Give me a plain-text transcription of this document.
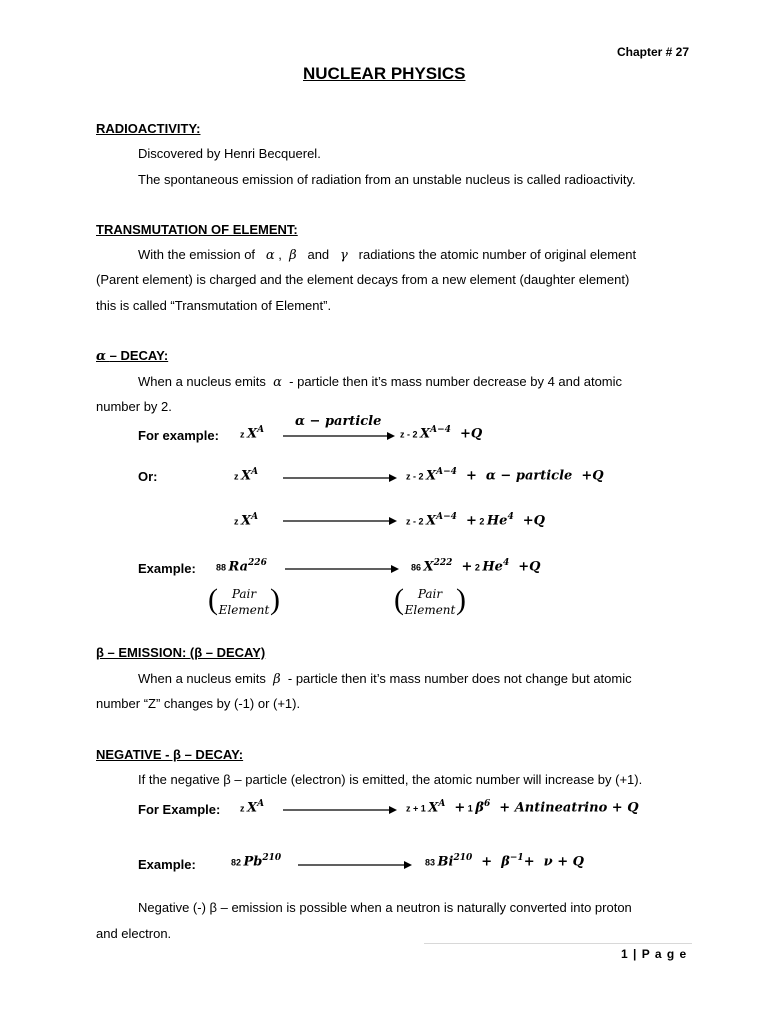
Chapter # 27
NUCLEAR PHYSICS
RADIOACTIVITY:
Discovered by Henri Becquerel.
The spontaneous emission of radiation from an unstable nucleus is called radioactivity.
TRANSMUTATION OF ELEMENT:
With the emission of α ,  β   and   γ radiations the atomic number of original element
(Parent element) is charged and the element decays from a new element (daughter element)
this is called “Transmutation of Element”.
α – DECAY:
When a nucleus emits α - particle then it’s mass number decrease by 4 and atomic
number by 2.
For example: z $X^A$
α − particle
z - 2 $X^{A-4} +Q$
Or:	z $X^A$	z - 2 $X^{A-4} + \alpha$ − particle  +Q
z $X^A$	z - 2 $X^{A-4} + 2$ He$^4$  +Q
Example: 88 Ra$^{226}$	86 $X^{222} + 2$ He$^4$  +Q
(	Pair
Element )	(	Pair
Element )
β – EMISSION: (β – DECAY)
When a nucleus emits β - particle then it’s mass number does not change but atomic
number “Z” changes by (-1) or (+1).
NEGATIVE - β – DECAY:
If the negative β – particle (electron) is emitted, the atomic number will increase by (+1).
For Example: z $X^A$	z + 1 $X^A + 1$ $\beta^6$  + Antineatrino + Q
Example:	82 Pb$^{210}$	83 $Bi^{210} + \beta^{-1}+ \nu + Q$
Negative (-) β – emission is possible when a neutron is naturally converted into proton
and electron.
1 | P a g e
